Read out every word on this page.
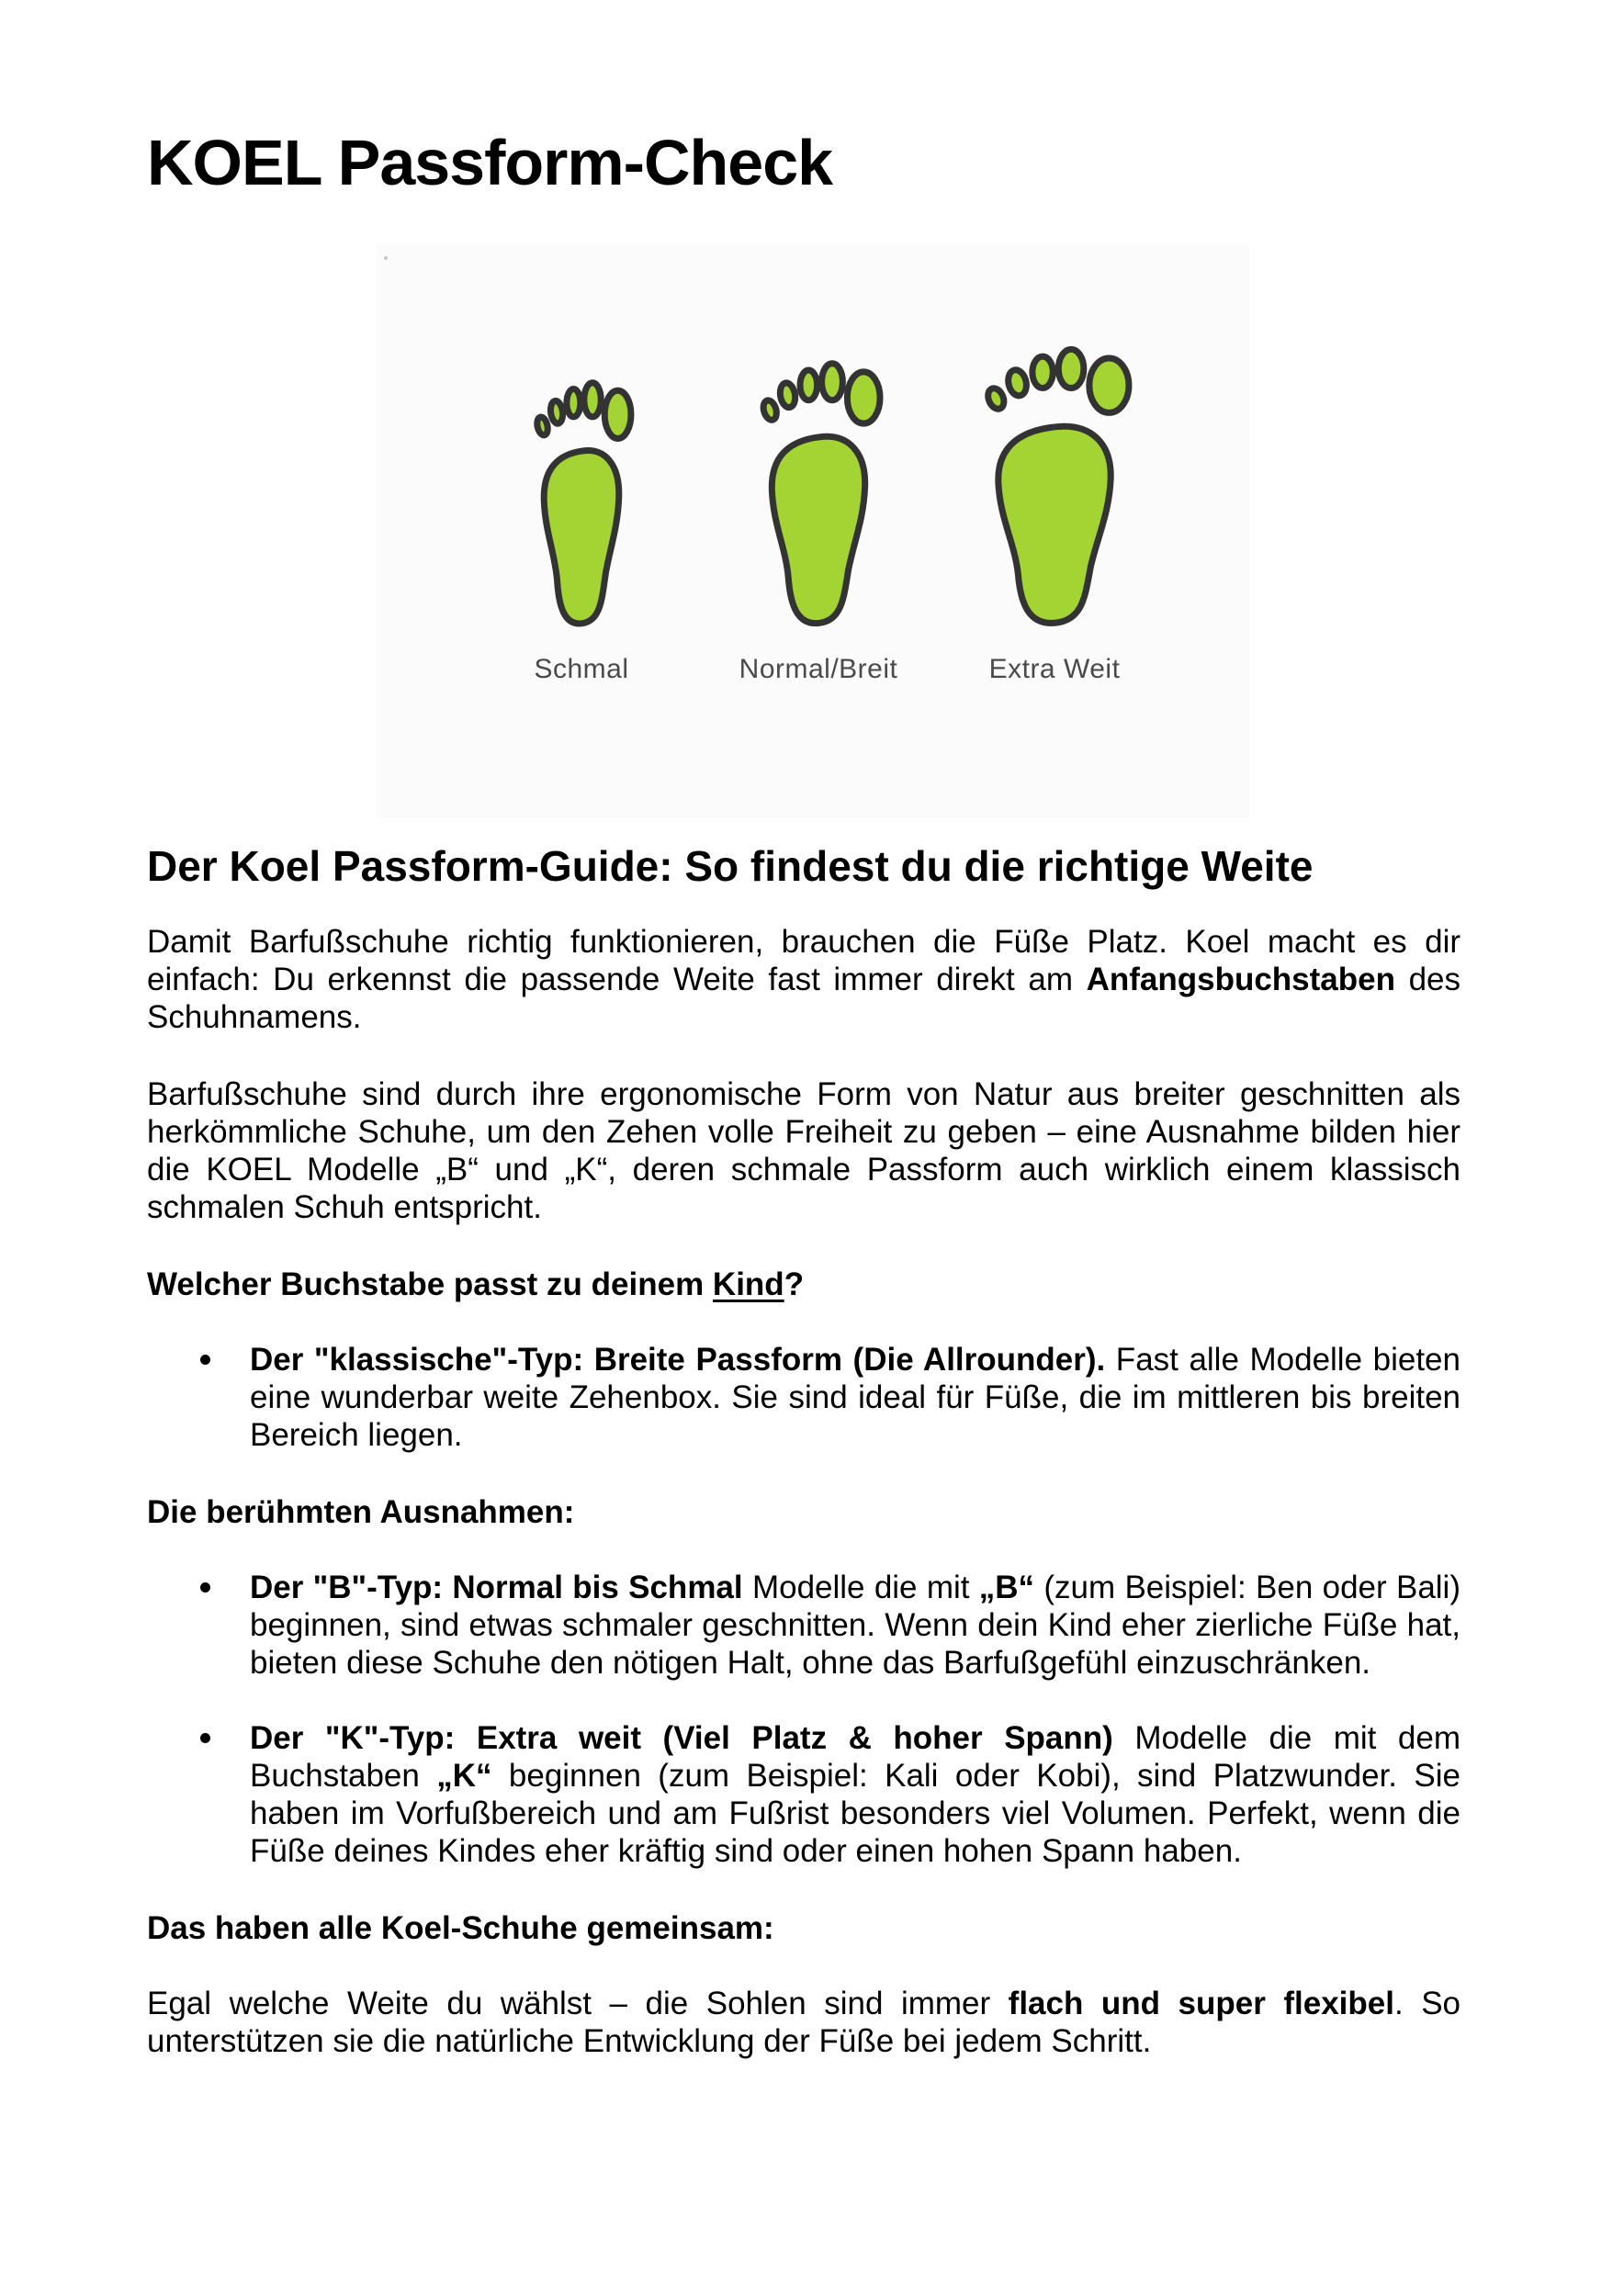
KOEL Passform-Check
Schmal	Normal/Breit	Extra Weit
Der Koel Passform-Guide: So findest du die richtige Weite

Damit Barfußschuhe richtig funktionieren, brauchen die Füße Platz. Koel macht es dir einfach: Du erkennst die passende Weite fast immer direkt am Anfangsbuchstaben des Schuhnamens.

Barfußschuhe sind durch ihre ergonomische Form von Natur aus breiter geschnitten als herkömmliche Schuhe, um den Zehen volle Freiheit zu geben – eine Ausnahme bilden hier die KOEL Modelle „B“ und „K“, deren schmale Passform auch wirklich einem klassisch schmalen Schuh entspricht.

Welcher Buchstabe passt zu deinem Kind?
Der "klassische"-Typ: Breite Passform (Die Allrounder). Fast alle Modelle bieten eine wunderbar weite Zehenbox. Sie sind ideal für Füße, die im mittleren bis breiten Bereich liegen.
Die berühmten Ausnahmen:
Der "B"-Typ: Normal bis Schmal Modelle die mit „B“ (zum Beispiel: Ben oder Bali) beginnen, sind etwas schmaler geschnitten. Wenn dein Kind eher zierliche Füße hat, bieten diese Schuhe den nötigen Halt, ohne das Barfußgefühl einzuschränken.
Der "K"-Typ: Extra weit (Viel Platz & hoher Spann) Modelle die mit dem Buchstaben „K“ beginnen (zum Beispiel: Kali oder Kobi), sind Platzwunder. Sie haben im Vorfußbereich und am Fußrist besonders viel Volumen. Perfekt, wenn die Füße deines Kindes eher kräftig sind oder einen hohen Spann haben.
Das haben alle Koel-Schuhe gemeinsam:

Egal welche Weite du wählst – die Sohlen sind immer flach und super flexibel. So unterstützen sie die natürliche Entwicklung der Füße bei jedem Schritt.
